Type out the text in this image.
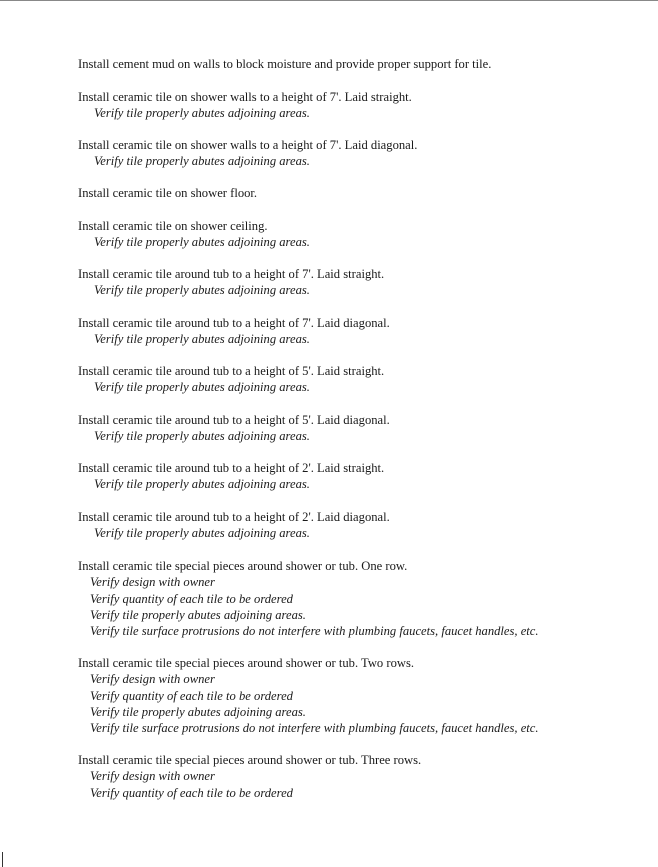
Install cement mud on walls to block moisture and provide proper support for tile.
Install ceramic tile on shower walls to a height of 7'. Laid straight.
Verify tile properly abutes adjoining areas.
Install ceramic tile on shower walls to a height of 7'. Laid diagonal.
Verify tile properly abutes adjoining areas.
Install ceramic tile on shower floor.
Install ceramic tile on shower ceiling.
Verify tile properly abutes adjoining areas.
Install ceramic tile around tub to a height of 7'. Laid straight.
Verify tile properly abutes adjoining areas.
Install ceramic tile around tub to a height of 7'. Laid diagonal.
Verify tile properly abutes adjoining areas.
Install ceramic tile around tub to a height of 5'. Laid straight.
Verify tile properly abutes adjoining areas.
Install ceramic tile around tub to a height of 5'. Laid diagonal.
Verify tile properly abutes adjoining areas.
Install ceramic tile around tub to a height of 2'. Laid straight.
Verify tile properly abutes adjoining areas.
Install ceramic tile around tub to a height of 2'. Laid diagonal.
Verify tile properly abutes adjoining areas.
Install ceramic tile special pieces around shower or tub. One row.
Verify design with owner
Verify quantity of each tile to be ordered
Verify tile properly abutes adjoining areas.
Verify tile surface protrusions do not interfere with plumbing faucets, faucet handles, etc.
Install ceramic tile special pieces around shower or tub. Two rows.
Verify design with owner
Verify quantity of each tile to be ordered
Verify tile properly abutes adjoining areas.
Verify tile surface protrusions do not interfere with plumbing faucets, faucet handles, etc.
Install ceramic tile special pieces around shower or tub. Three rows.
Verify design with owner
Verify quantity of each tile to be ordered
